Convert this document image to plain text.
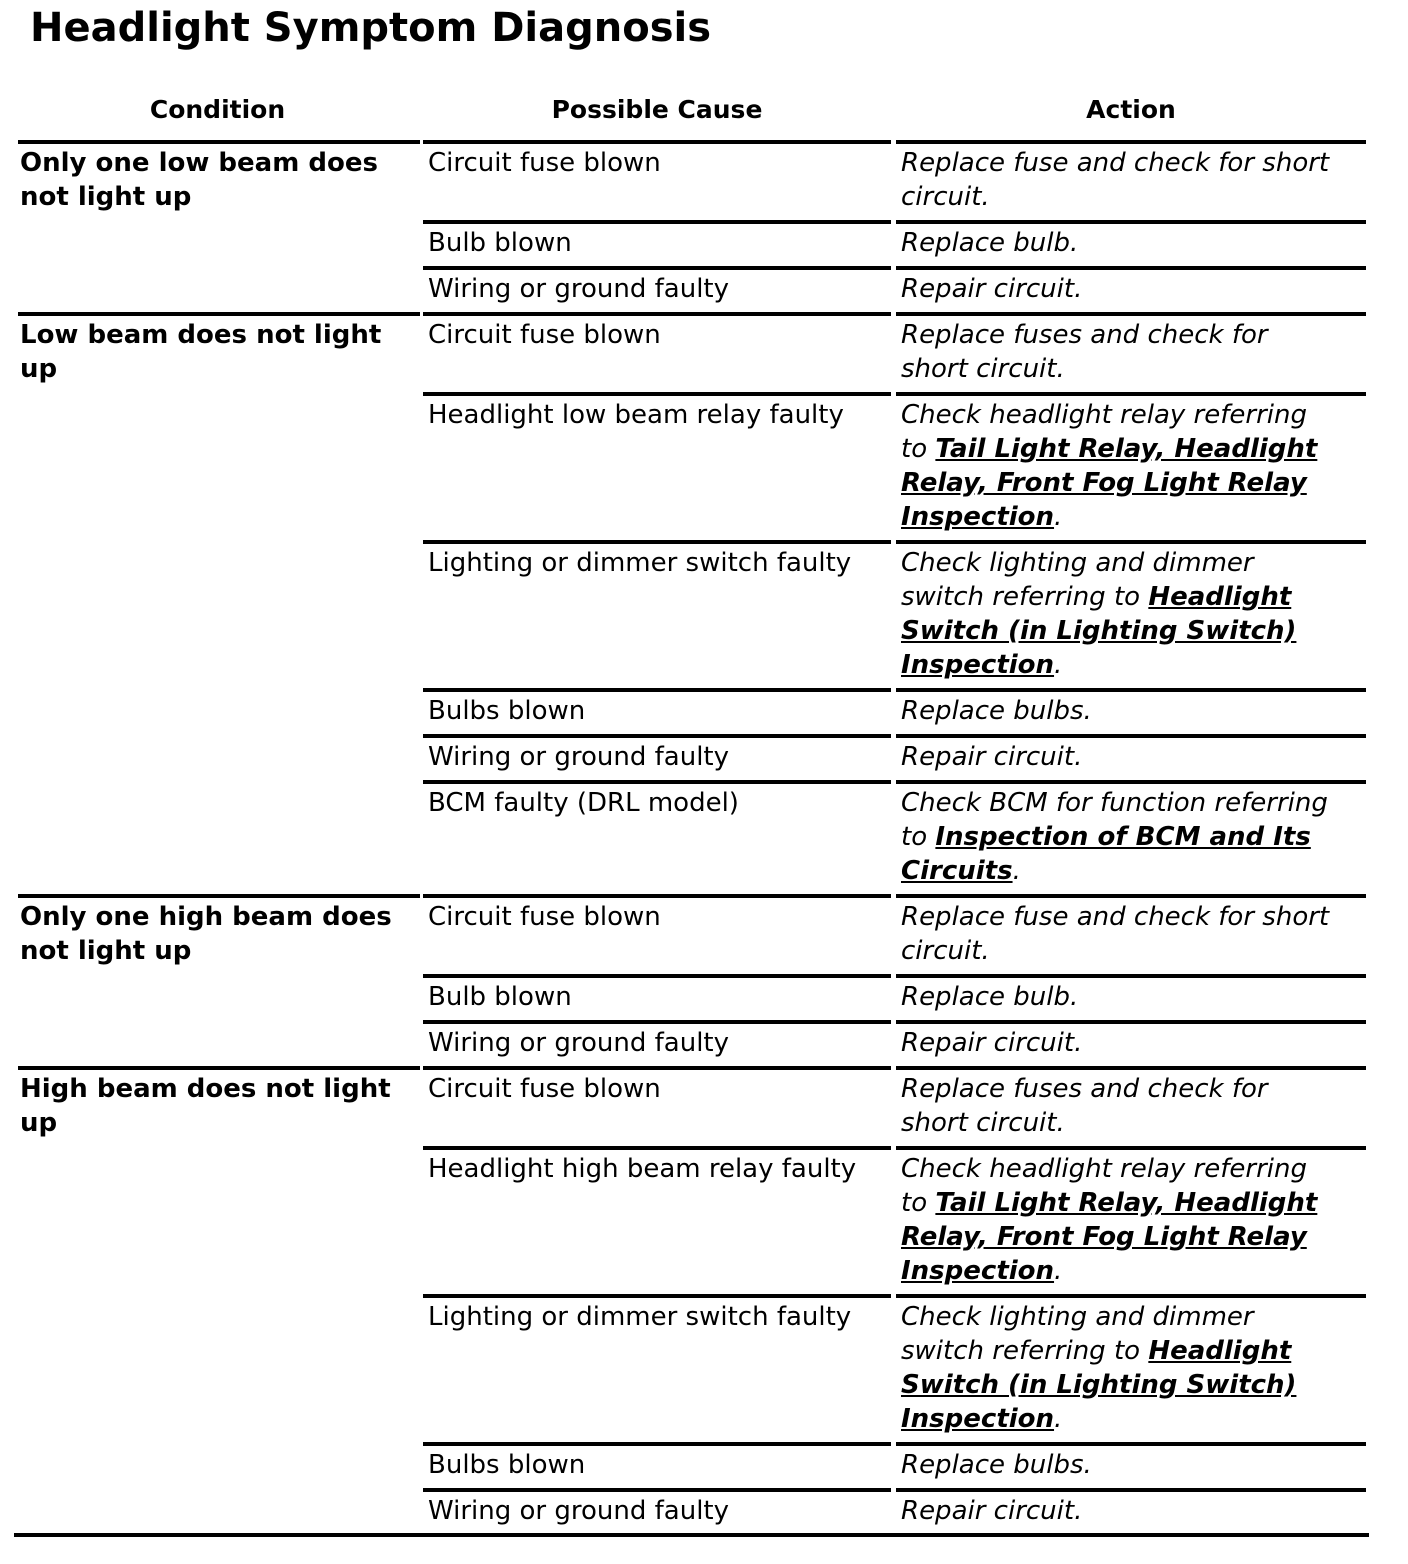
Headlight Symptom Diagnosis
Condition	Possible Cause	Action
Only one low beam does
not light up
Circuit fuse blown	Replace fuse and check for short
circuit.
Bulb blown	Replace bulb.
Wiring or ground faulty	Repair circuit.
Low beam does not light
up
Circuit fuse blown	Replace fuses and check for
short circuit.
Headlight low beam relay faulty	Check headlight relay referring
to Tail Light Relay, Headlight
Relay, Front Fog Light Relay
Inspection.
Lighting or dimmer switch faulty	Check lighting and dimmer
switch referring to Headlight
Switch (in Lighting Switch)
Inspection.
Bulbs blown	Replace bulbs.
Wiring or ground faulty	Repair circuit.
BCM faulty (DRL model)	Check BCM for function referring
to Inspection of BCM and Its
Circuits.
Only one high beam does
not light up
Circuit fuse blown	Replace fuse and check for short
circuit.
Bulb blown	Replace bulb.
Wiring or ground faulty	Repair circuit.
High beam does not light
up
Circuit fuse blown	Replace fuses and check for
short circuit.
Headlight high beam relay faulty	Check headlight relay referring
to Tail Light Relay, Headlight
Relay, Front Fog Light Relay
Inspection.
Lighting or dimmer switch faulty	Check lighting and dimmer
switch referring to Headlight
Switch (in Lighting Switch)
Inspection.
Bulbs blown	Replace bulbs.
Wiring or ground faulty	Repair circuit.
